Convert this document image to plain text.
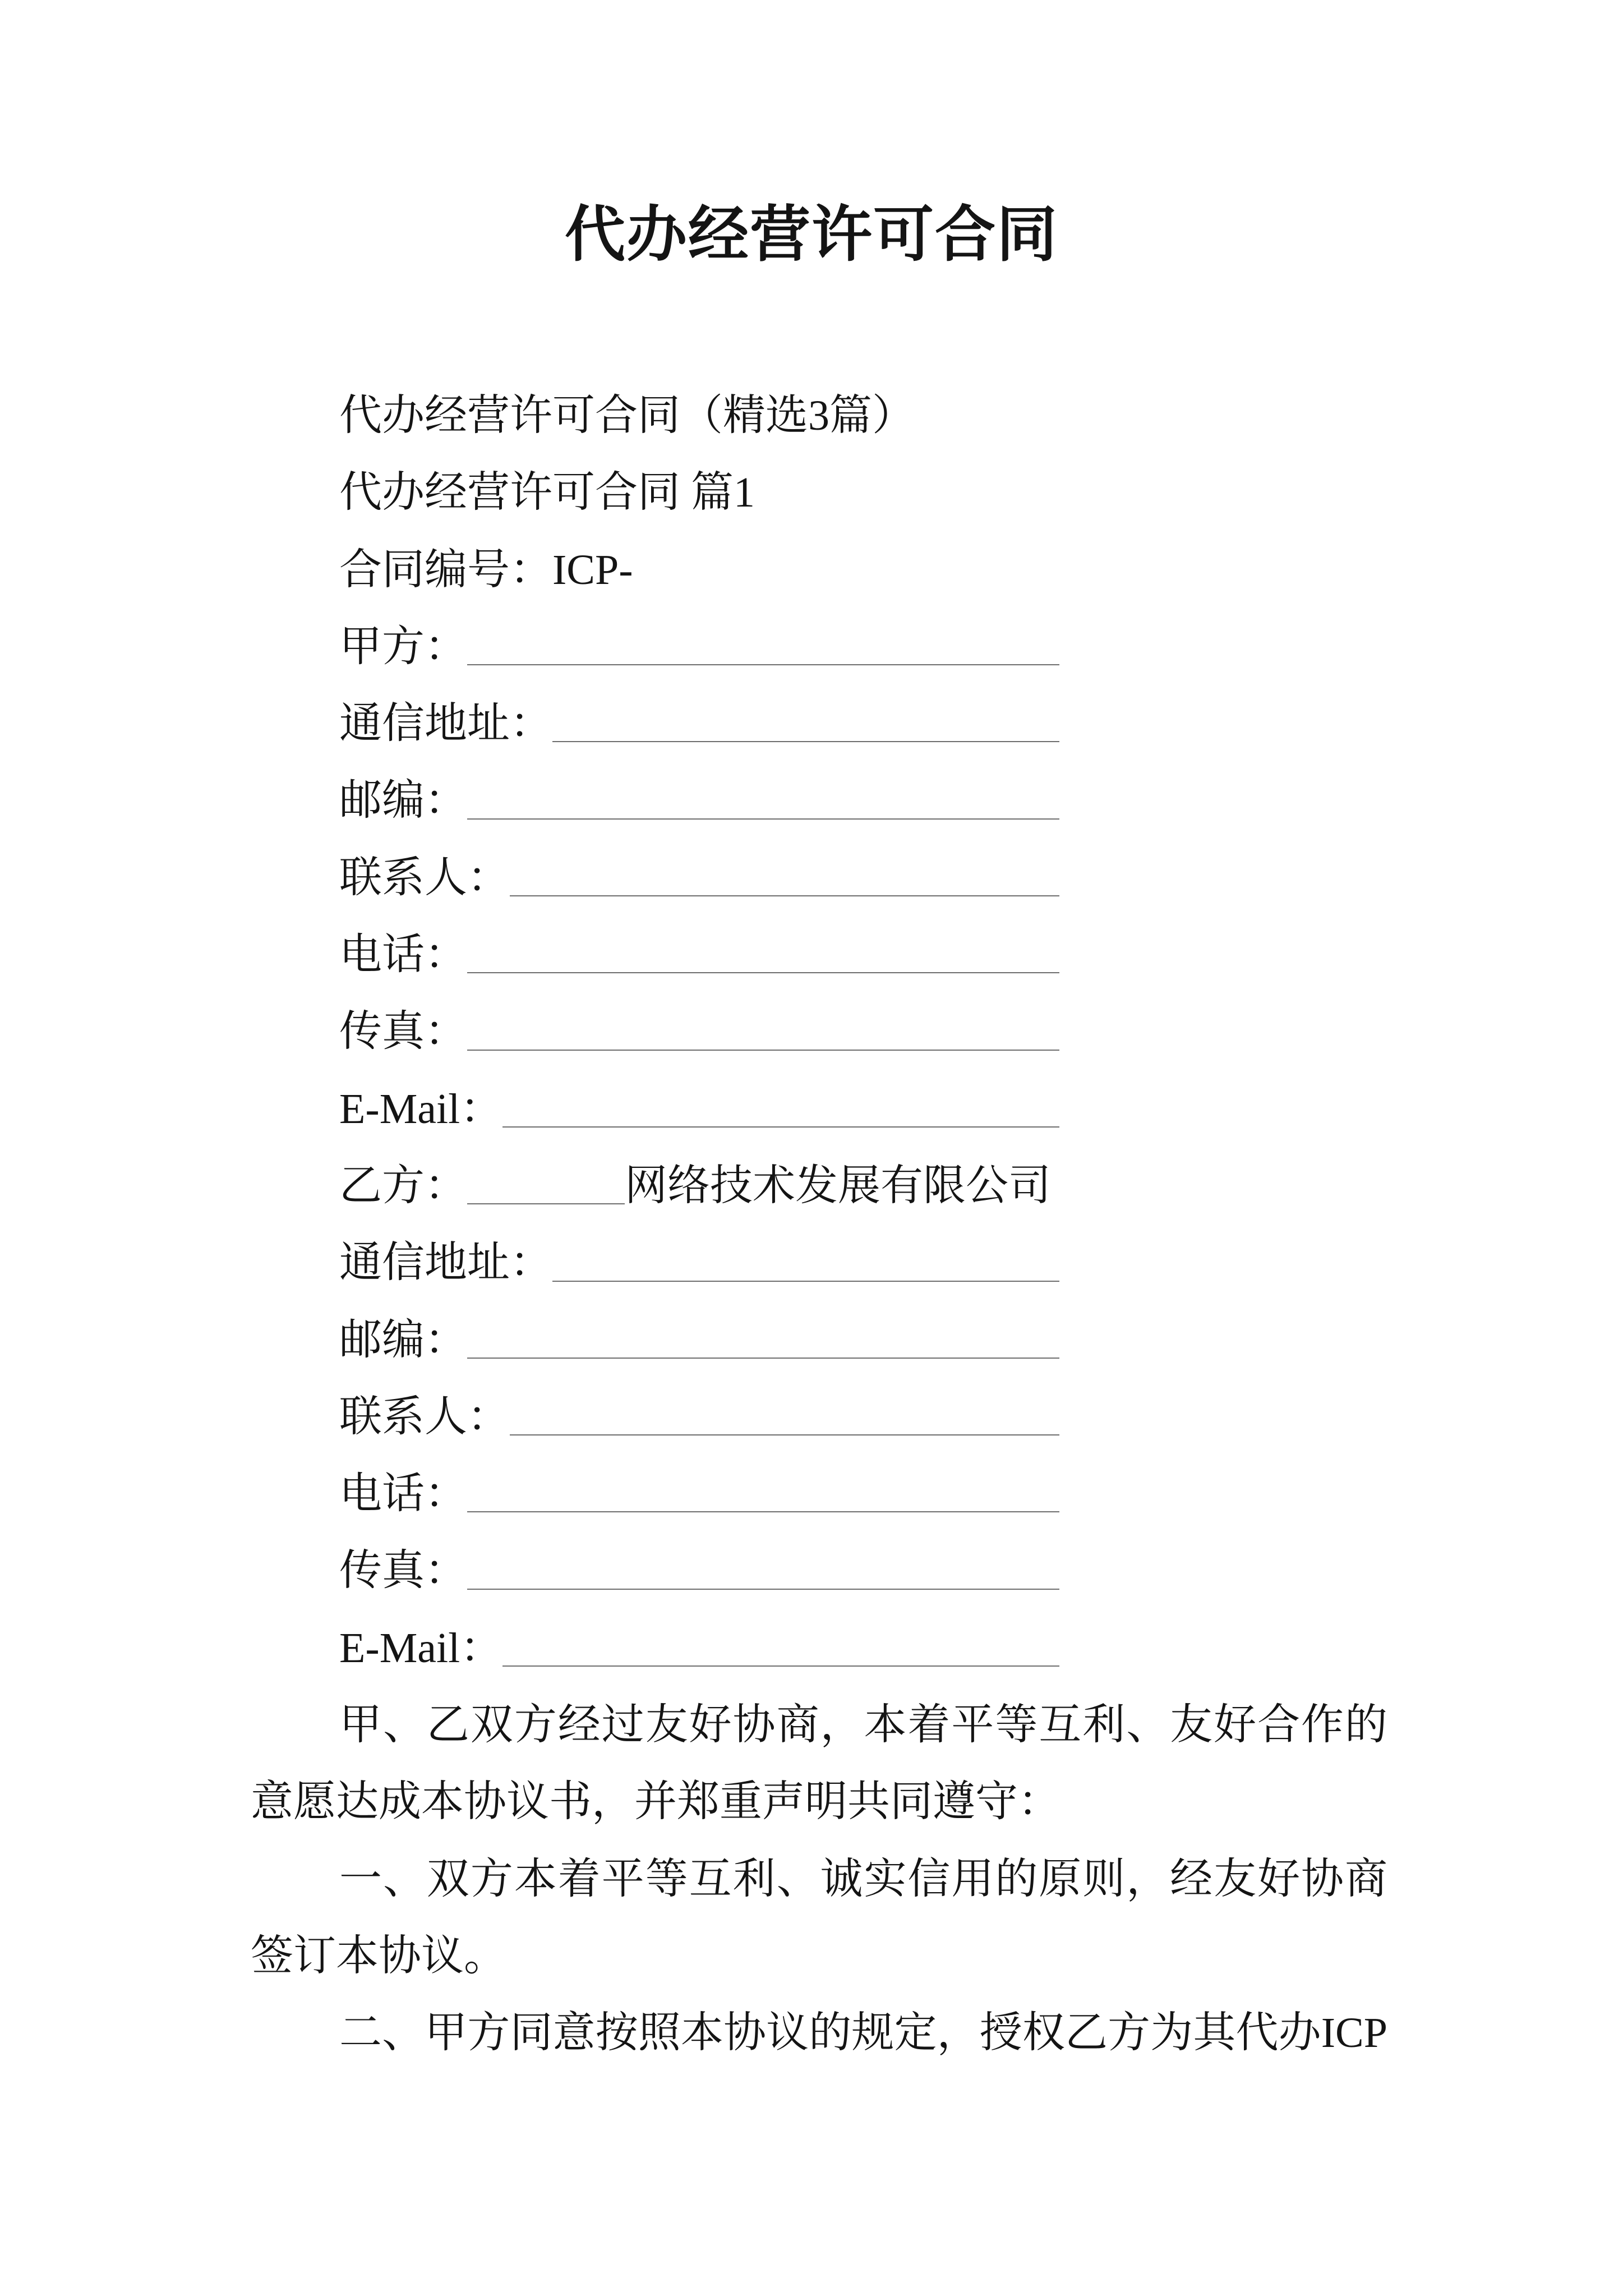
代办经营许可合同
代办经营许可合同（精选3篇）
代办经营许可合同 篇1
合同编号：ICP-
甲方：
通信地址：
邮编：
联系人：
电话：
传真：
E-Mail：
乙方：	网络技术发展有限公司
通信地址：
邮编：
联系人：
电话：
传真：
E-Mail：
甲、乙双方经过友好协商，本着平等互利、友好合作的
意愿达成本协议书，并郑重声明共同遵守：
一、双方本着平等互利、诚实信用的原则，经友好协商
签订本协议。
二、甲方同意按照本协议的规定，授权乙方为其代办ICP
